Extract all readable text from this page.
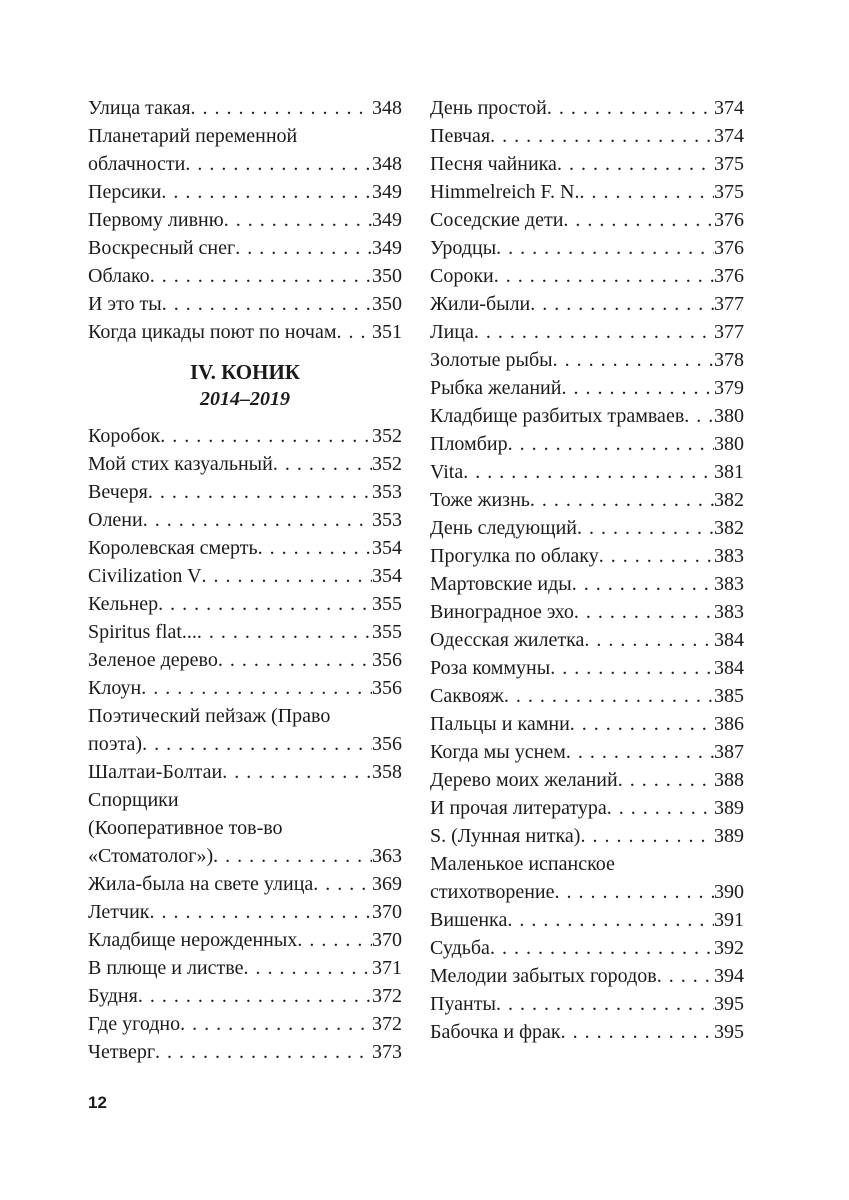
Улица такая . . .	348
Планетарий переменной
облачности . . .	348
Персики . . .	349
Первому ливню . . .	349
Воскресный снег . . .	349
Облако . . .	350
И это ты . . .	350
Когда цикады поют по ночам . . . 351
IV. КОНИК
2014–2019
Коробок . . .	352
Мой стих казуальный . . .	352
Вечеря . . .	353
Олени . . .	353
Королевская смерть . . .	354
Civilization V . . .	354
Кельнер . . .	355
Spiritus flat... . . .	355
Зеленое дерево . . .	356
Клоун . . .	356
Поэтический пейзаж (Право
поэта) . . .	356
Шалтаи-Болтаи . . .	358
Спорщики
(Кооперативное тов-во
«Стоматолог») . . .	363
Жила-была на свете улица . . .	369
Летчик . . .	370
Кладбище нерожденных . . .	370
В плюще и листве . . .	371
Будня . . .	372
Где угодно . . .	372
Четверг . . .	373
День простой . . .	374
Певчая . . .	374
Песня чайника . . .	375
Himmelreich F. N. . . .	375
Соседские дети . . .	376
Уродцы . . .	376
Сороки . . .	376
Жили-были . . .	377
Лица . . .	377
Золотые рыбы . . .	378
Рыбка желаний . . .	379
Кладбище разбитых трамваев . . . 380
Пломбир . . .	380
Vita . . .	381
Тоже жизнь . . .	382
День следующий . . .	382
Прогулка по облаку . . .	383
Мартовские иды . . .	383
Виноградное эхо . . .	383
Одесская жилетка . . .	384
Роза коммуны . . .	384
Саквояж . . .	385
Пальцы и камни . . .	386
Когда мы уснем . . .	387
Дерево моих желаний . . .	388
И прочая литература . . .	389
S. (Лунная нитка) . . .	389
Маленькое испанское
стихотворение . . .	390
Вишенка . . .	391
Судьба . . .	392
Мелодии забытых городов . . .	394
Пуанты . . .	395
Бабочка и фрак . . .	395
12
